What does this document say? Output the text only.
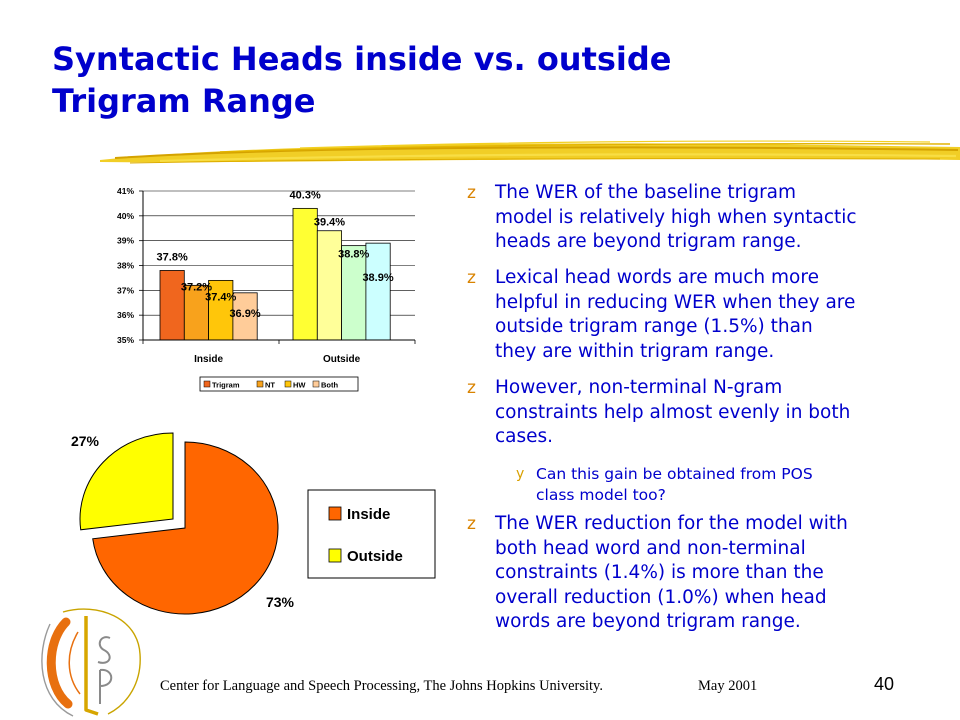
Syntactic Heads inside vs. outside
Trigram Range
35%
36%
37%
38%
39%
40%
41%
37.8%
40.3%
37.2%
39.4%
37.4%
38.8%
36.9%
38.9%
Inside	Outside
Trigram	NT HW Both
73%
27%
Inside
Outside
z The WER of the baseline trigram
model is relatively high when syntactic
heads are beyond trigram range.
z Lexical head words are much more
helpful in reducing WER when they are
outside trigram range (1.5%) than
they are within trigram range.
z However, non-terminal N-gram
constraints help almost evenly in both
cases.
y Can this gain be obtained from POS
class model too?
z The WER reduction for the model with
both head word and non-terminal
constraints (1.4%) is more than the
overall reduction (1.0%) when head
words are beyond trigram range.
Center for Language and Speech Processing, The Johns Hopkins University.	May 2001	40
